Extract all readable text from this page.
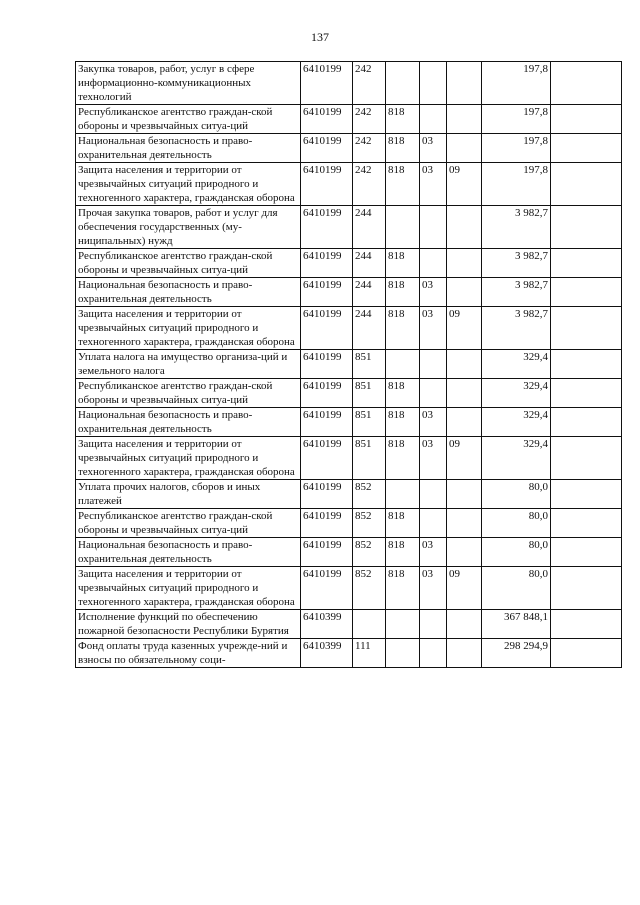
137
Закупка товаров, работ, услуг в сфере информационно-коммуникационных технологий	6410199	242				197,8	
Республиканское агентство граждан-ской обороны и чрезвычайных ситуа-ций	6410199	242	818			197,8	
Национальная безопасность и право-охранительная деятельность	6410199	242	818	03		197,8	
Защита населения и территории от чрезвычайных ситуаций природного и техногенного характера, гражданская оборона	6410199	242	818	03	09	197,8	
Прочая закупка товаров, работ и услуг для обеспечения государственных (му-ниципальных) нужд	6410199	244				3 982,7	
Республиканское агентство граждан-ской обороны и чрезвычайных ситуа-ций	6410199	244	818			3 982,7	
Национальная безопасность и право-охранительная деятельность	6410199	244	818	03		3 982,7	
Защита населения и территории от чрезвычайных ситуаций природного и техногенного характера, гражданская оборона	6410199	244	818	03	09	3 982,7	
Уплата налога на имущество организа-ций и земельного налога	6410199	851				329,4	
Республиканское агентство граждан-ской обороны и чрезвычайных ситуа-ций	6410199	851	818			329,4	
Национальная безопасность и право-охранительная деятельность	6410199	851	818	03		329,4	
Защита населения и территории от чрезвычайных ситуаций природного и техногенного характера, гражданская оборона	6410199	851	818	03	09	329,4	
Уплата прочих налогов, сборов и иных платежей	6410199	852				80,0	
Республиканское агентство граждан-ской обороны и чрезвычайных ситуа-ций	6410199	852	818			80,0	
Национальная безопасность и право-охранительная деятельность	6410199	852	818	03		80,0	
Защита населения и территории от чрезвычайных ситуаций природного и техногенного характера, гражданская оборона	6410199	852	818	03	09	80,0	
Исполнение функций по обеспечению пожарной безопасности Республики Бурятия	6410399					367 848,1	
Фонд оплаты труда казенных учрежде-ний и взносы по обязательному соци-	6410399	111				298 294,9	
